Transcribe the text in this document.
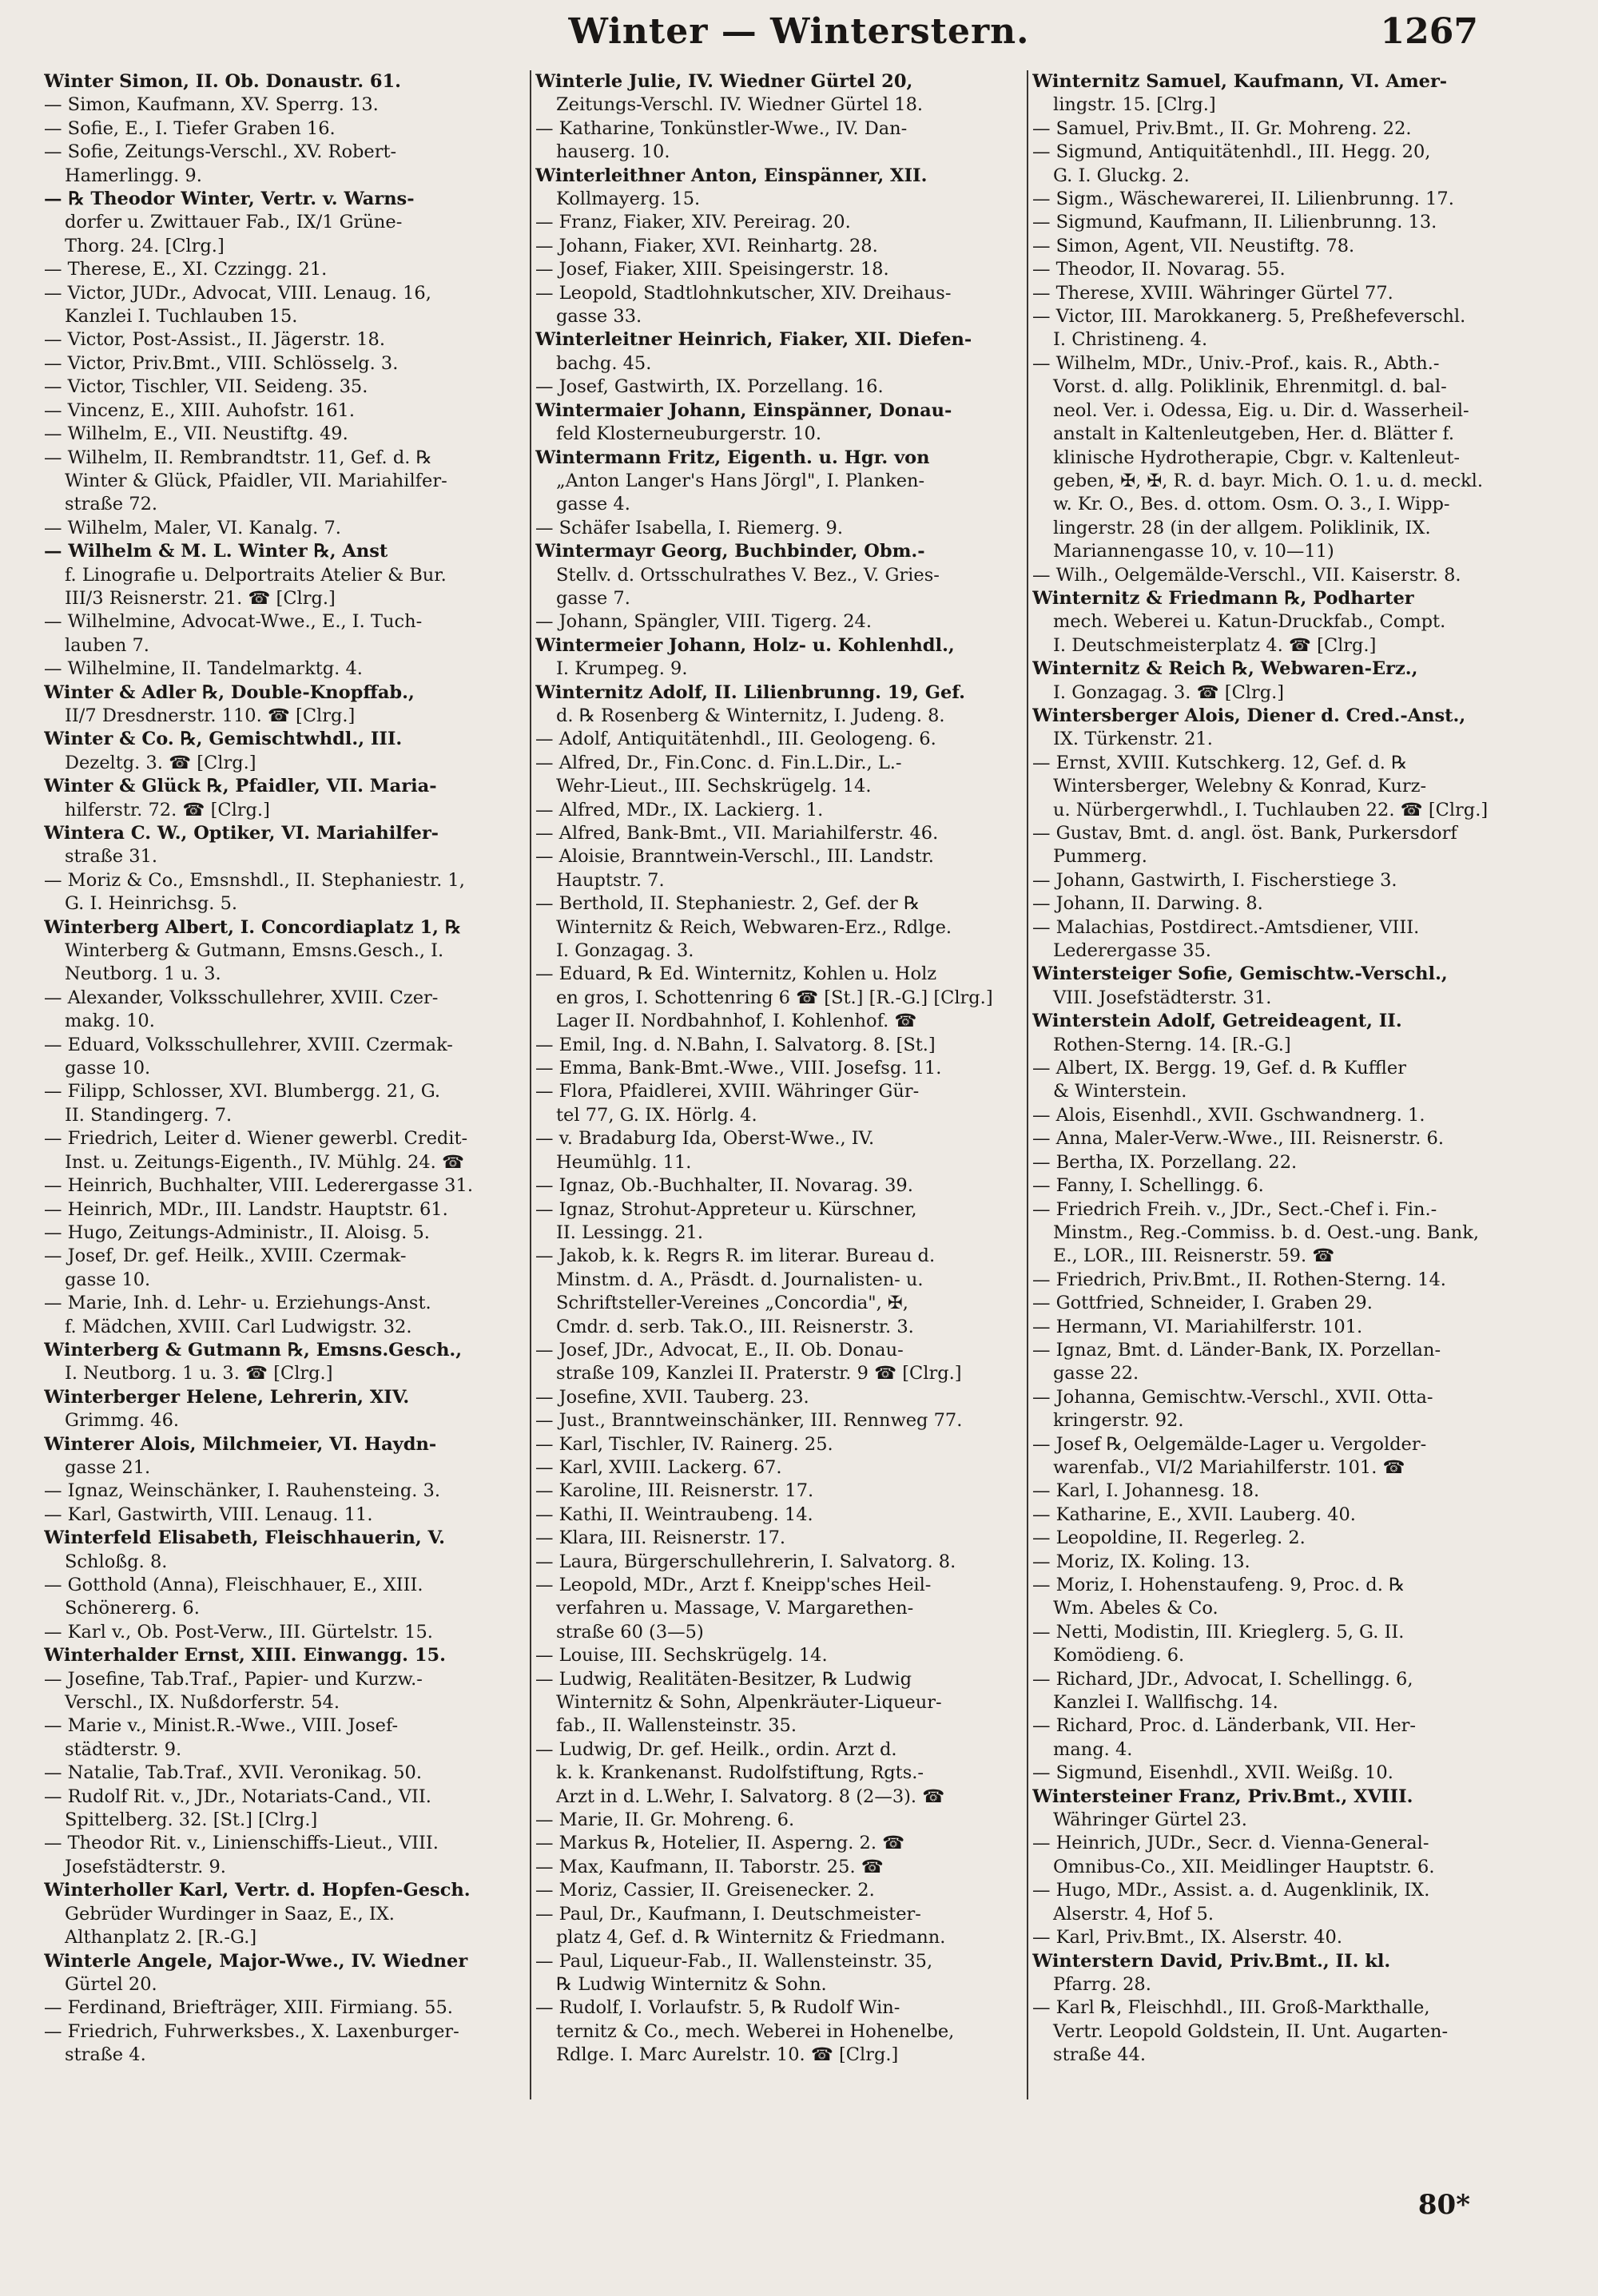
Winter — Winterstern.	1267
Winter Simon, II. Ob. Donaustr. 61.
— Simon, Kaufmann, XV. Sperrg. 13.
— Sofie, E., I. Tiefer Graben 16.
— Sofie, Zeitungs-Verschl., XV. Robert-
Hamerlingg. 9.
— ℞ Theodor Winter, Vertr. v. Warns-
dorfer u. Zwittauer Fab., IX/1 Grüne-
Thorg. 24. [Clrg.]
— Therese, E., XI. Czzingg. 21.
— Victor, JUDr., Advocat, VIII. Lenaug. 16,
Kanzlei I. Tuchlauben 15.
— Victor, Post-Assist., II. Jägerstr. 18.
— Victor, Priv.Bmt., VIII. Schlösselg. 3.
— Victor, Tischler, VII. Seideng. 35.
— Vincenz, E., XIII. Auhofstr. 161.
— Wilhelm, E., VII. Neustiftg. 49.
— Wilhelm, II. Rembrandtstr. 11, Gef. d. ℞
Winter & Glück, Pfaidler, VII. Mariahilfer-
straße 72.
— Wilhelm, Maler, VI. Kanalg. 7.
— Wilhelm & M. L. Winter ℞, Anst
f. Linografie u. Delportraits Atelier & Bur.
III/3 Reisnerstr. 21. ☎ [Clrg.]
— Wilhelmine, Advocat-Wwe., E., I. Tuch-
lauben 7.
— Wilhelmine, II. Tandelmarktg. 4.
Winter & Adler ℞, Double-Knopffab.,
II/7 Dresdnerstr. 110. ☎ [Clrg.]
Winter & Co. ℞, Gemischtwhdl., III.
Dezeltg. 3. ☎ [Clrg.]
Winter & Glück ℞, Pfaidler, VII. Maria-
hilferstr. 72. ☎ [Clrg.]
Wintera C. W., Optiker, VI. Mariahilfer-
straße 31.
— Moriz & Co., Emsnshdl., II. Stephaniestr. 1,
G. I. Heinrichsg. 5.
Winterberg Albert, I. Concordiaplatz 1, ℞
Winterberg & Gutmann, Emsns.Gesch., I.
Neutborg. 1 u. 3.
— Alexander, Volksschullehrer, XVIII. Czer-
makg. 10.
— Eduard, Volksschullehrer, XVIII. Czermak-
gasse 10.
— Filipp, Schlosser, XVI. Blumbergg. 21, G.
II. Standingerg. 7.
— Friedrich, Leiter d. Wiener gewerbl. Credit-
Inst. u. Zeitungs-Eigenth., IV. Mühlg. 24. ☎
— Heinrich, Buchhalter, VIII. Lederergasse 31.
— Heinrich, MDr., III. Landstr. Hauptstr. 61.
— Hugo, Zeitungs-Administr., II. Aloisg. 5.
— Josef, Dr. gef. Heilk., XVIII. Czermak-
gasse 10.
— Marie, Inh. d. Lehr- u. Erziehungs-Anst.
f. Mädchen, XVIII. Carl Ludwigstr. 32.
Winterberg & Gutmann ℞, Emsns.Gesch.,
I. Neutborg. 1 u. 3. ☎ [Clrg.]
Winterberger Helene, Lehrerin, XIV.
Grimmg. 46.
Winterer Alois, Milchmeier, VI. Haydn-
gasse 21.
— Ignaz, Weinschänker, I. Rauhensteing. 3.
— Karl, Gastwirth, VIII. Lenaug. 11.
Winterfeld Elisabeth, Fleischhauerin, V.
Schloßg. 8.
— Gotthold (Anna), Fleischhauer, E., XIII.
Schönererg. 6.
— Karl v., Ob. Post-Verw., III. Gürtelstr. 15.
Winterhalder Ernst, XIII. Einwangg. 15.
— Josefine, Tab.Traf., Papier- und Kurzw.-
Verschl., IX. Nußdorferstr. 54.
— Marie v., Minist.R.-Wwe., VIII. Josef-
städterstr. 9.
— Natalie, Tab.Traf., XVII. Veronikag. 50.
— Rudolf Rit. v., JDr., Notariats-Cand., VII.
Spittelberg. 32. [St.] [Clrg.]
— Theodor Rit. v., Linienschiffs-Lieut., VIII.
Josefstädterstr. 9.
Winterholler Karl, Vertr. d. Hopfen-Gesch.
Gebrüder Wurdinger in Saaz, E., IX.
Althanplatz 2. [R.-G.]
Winterle Angele, Major-Wwe., IV. Wiedner
Gürtel 20.
— Ferdinand, Briefträger, XIII. Firmiang. 55.
— Friedrich, Fuhrwerksbes., X. Laxenburger-
straße 4.
Winterle Julie, IV. Wiedner Gürtel 20,
Zeitungs-Verschl. IV. Wiedner Gürtel 18.
— Katharine, Tonkünstler-Wwe., IV. Dan-
hauserg. 10.
Winterleithner Anton, Einspänner, XII.
Kollmayerg. 15.
— Franz, Fiaker, XIV. Pereirag. 20.
— Johann, Fiaker, XVI. Reinhartg. 28.
— Josef, Fiaker, XIII. Speisingerstr. 18.
— Leopold, Stadtlohnkutscher, XIV. Dreihaus-
gasse 33.
Winterleitner Heinrich, Fiaker, XII. Diefen-
bachg. 45.
— Josef, Gastwirth, IX. Porzellang. 16.
Wintermaier Johann, Einspänner, Donau-
feld Klosterneuburgerstr. 10.
Wintermann Fritz, Eigenth. u. Hgr. von
„Anton Langer's Hans Jörgl", I. Planken-
gasse 4.
— Schäfer Isabella, I. Riemerg. 9.
Wintermayr Georg, Buchbinder, Obm.-
Stellv. d. Ortsschulrathes V. Bez., V. Gries-
gasse 7.
— Johann, Spängler, VIII. Tigerg. 24.
Wintermeier Johann, Holz- u. Kohlenhdl.,
I. Krumpeg. 9.
Winternitz Adolf, II. Lilienbrunng. 19, Gef.
d. ℞ Rosenberg & Winternitz, I. Judeng. 8.
— Adolf, Antiquitätenhdl., III. Geologeng. 6.
— Alfred, Dr., Fin.Conc. d. Fin.L.Dir., L.-
Wehr-Lieut., III. Sechskrügelg. 14.
— Alfred, MDr., IX. Lackierg. 1.
— Alfred, Bank-Bmt., VII. Mariahilferstr. 46.
— Aloisie, Branntwein-Verschl., III. Landstr.
Hauptstr. 7.
— Berthold, II. Stephaniestr. 2, Gef. der ℞
Winternitz & Reich, Webwaren-Erz., Rdlge.
I. Gonzagag. 3.
— Eduard, ℞ Ed. Winternitz, Kohlen u. Holz
en gros, I. Schottenring 6 ☎ [St.] [R.-G.] [Clrg.]
Lager II. Nordbahnhof, I. Kohlenhof. ☎
— Emil, Ing. d. N.Bahn, I. Salvatorg. 8. [St.]
— Emma, Bank-Bmt.-Wwe., VIII. Josefsg. 11.
— Flora, Pfaidlerei, XVIII. Währinger Gür-
tel 77, G. IX. Hörlg. 4.
— v. Bradaburg Ida, Oberst-Wwe., IV.
Heumühlg. 11.
— Ignaz, Ob.-Buchhalter, II. Novarag. 39.
— Ignaz, Strohut-Appreteur u. Kürschner,
II. Lessingg. 21.
— Jakob, k. k. Regrs R. im literar. Bureau d.
Minstm. d. A., Präsdt. d. Journalisten- u.
Schriftsteller-Vereines „Concordia", ✠,
Cmdr. d. serb. Tak.O., III. Reisnerstr. 3.
— Josef, JDr., Advocat, E., II. Ob. Donau-
straße 109, Kanzlei II. Praterstr. 9 ☎ [Clrg.]
— Josefine, XVII. Tauberg. 23.
— Just., Branntweinschänker, III. Rennweg 77.
— Karl, Tischler, IV. Rainerg. 25.
— Karl, XVIII. Lackerg. 67.
— Karoline, III. Reisnerstr. 17.
— Kathi, II. Weintraubeng. 14.
— Klara, III. Reisnerstr. 17.
— Laura, Bürgerschullehrerin, I. Salvatorg. 8.
— Leopold, MDr., Arzt f. Kneipp'sches Heil-
verfahren u. Massage, V. Margarethen-
straße 60 (3—5)
— Louise, III. Sechskrügelg. 14.
— Ludwig, Realitäten-Besitzer, ℞ Ludwig
Winternitz & Sohn, Alpenkräuter-Liqueur-
fab., II. Wallensteinstr. 35.
— Ludwig, Dr. gef. Heilk., ordin. Arzt d.
k. k. Krankenanst. Rudolfstiftung, Rgts.-
Arzt in d. L.Wehr, I. Salvatorg. 8 (2—3). ☎
— Marie, II. Gr. Mohreng. 6.
— Markus ℞, Hotelier, II. Asperng. 2. ☎
— Max, Kaufmann, II. Taborstr. 25. ☎
— Moriz, Cassier, II. Greisenecker. 2.
— Paul, Dr., Kaufmann, I. Deutschmeister-
platz 4, Gef. d. ℞ Winternitz & Friedmann.
— Paul, Liqueur-Fab., II. Wallensteinstr. 35,
℞ Ludwig Winternitz & Sohn.
— Rudolf, I. Vorlaufstr. 5, ℞ Rudolf Win-
ternitz & Co., mech. Weberei in Hohenelbe,
Rdlge. I. Marc Aurelstr. 10. ☎ [Clrg.]
Winternitz Samuel, Kaufmann, VI. Amer-
lingstr. 15. [Clrg.]
— Samuel, Priv.Bmt., II. Gr. Mohreng. 22.
— Sigmund, Antiquitätenhdl., III. Hegg. 20,
G. I. Gluckg. 2.
— Sigm., Wäschewarerei, II. Lilienbrunng. 17.
— Sigmund, Kaufmann, II. Lilienbrunng. 13.
— Simon, Agent, VII. Neustiftg. 78.
— Theodor, II. Novarag. 55.
— Therese, XVIII. Währinger Gürtel 77.
— Victor, III. Marokkanerg. 5, Preßhefeverschl.
I. Christineng. 4.
— Wilhelm, MDr., Univ.-Prof., kais. R., Abth.-
Vorst. d. allg. Poliklinik, Ehrenmitgl. d. bal-
neol. Ver. i. Odessa, Eig. u. Dir. d. Wasserheil-
anstalt in Kaltenleutgeben, Her. d. Blätter f.
klinische Hydrotherapie, Cbgr. v. Kaltenleut-
geben, ✠, ✠, R. d. bayr. Mich. O. 1. u. d. meckl.
w. Kr. O., Bes. d. ottom. Osm. O. 3., I. Wipp-
lingerstr. 28 (in der allgem. Poliklinik, IX.
Mariannengasse 10, v. 10—11)
— Wilh., Oelgemälde-Verschl., VII. Kaiserstr. 8.
Winternitz & Friedmann ℞, Podharter
mech. Weberei u. Katun-Druckfab., Compt.
I. Deutschmeisterplatz 4. ☎ [Clrg.]
Winternitz & Reich ℞, Webwaren-Erz.,
I. Gonzagag. 3. ☎ [Clrg.]
Wintersberger Alois, Diener d. Cred.-Anst.,
IX. Türkenstr. 21.
— Ernst, XVIII. Kutschkerg. 12, Gef. d. ℞
Wintersberger, Welebny & Konrad, Kurz-
u. Nürbergerwhdl., I. Tuchlauben 22. ☎ [Clrg.]
— Gustav, Bmt. d. angl. öst. Bank, Purkersdorf
Pummerg.
— Johann, Gastwirth, I. Fischerstiege 3.
— Johann, II. Darwing. 8.
— Malachias, Postdirect.-Amtsdiener, VIII.
Lederergasse 35.
Wintersteiger Sofie, Gemischtw.-Verschl.,
VIII. Josefstädterstr. 31.
Winterstein Adolf, Getreideagent, II.
Rothen-Sterng. 14. [R.-G.]
— Albert, IX. Bergg. 19, Gef. d. ℞ Kuffler
& Winterstein.
— Alois, Eisenhdl., XVII. Gschwandnerg. 1.
— Anna, Maler-Verw.-Wwe., III. Reisnerstr. 6.
— Bertha, IX. Porzellang. 22.
— Fanny, I. Schellingg. 6.
— Friedrich Freih. v., JDr., Sect.-Chef i. Fin.-
Minstm., Reg.-Commiss. b. d. Oest.-ung. Bank,
E., LOR., III. Reisnerstr. 59. ☎
— Friedrich, Priv.Bmt., II. Rothen-Sterng. 14.
— Gottfried, Schneider, I. Graben 29.
— Hermann, VI. Mariahilferstr. 101.
— Ignaz, Bmt. d. Länder-Bank, IX. Porzellan-
gasse 22.
— Johanna, Gemischtw.-Verschl., XVII. Otta-
kringerstr. 92.
— Josef ℞, Oelgemälde-Lager u. Vergolder-
warenfab., VI/2 Mariahilferstr. 101. ☎
— Karl, I. Johannesg. 18.
— Katharine, E., XVII. Lauberg. 40.
— Leopoldine, II. Regerleg. 2.
— Moriz, IX. Koling. 13.
— Moriz, I. Hohenstaufeng. 9, Proc. d. ℞
Wm. Abeles & Co.
— Netti, Modistin, III. Krieglerg. 5, G. II.
Komödieng. 6.
— Richard, JDr., Advocat, I. Schellingg. 6,
Kanzlei I. Wallfischg. 14.
— Richard, Proc. d. Länderbank, VII. Her-
mang. 4.
— Sigmund, Eisenhdl., XVII. Weißg. 10.
Wintersteiner Franz, Priv.Bmt., XVIII.
Währinger Gürtel 23.
— Heinrich, JUDr., Secr. d. Vienna-General-
Omnibus-Co., XII. Meidlinger Hauptstr. 6.
— Hugo, MDr., Assist. a. d. Augenklinik, IX.
Alserstr. 4, Hof 5.
— Karl, Priv.Bmt., IX. Alserstr. 40.
Winterstern David, Priv.Bmt., II. kl.
Pfarrg. 28.
— Karl ℞, Fleischhdl., III. Groß-Markthalle,
Vertr. Leopold Goldstein, II. Unt. Augarten-
straße 44.
80*
